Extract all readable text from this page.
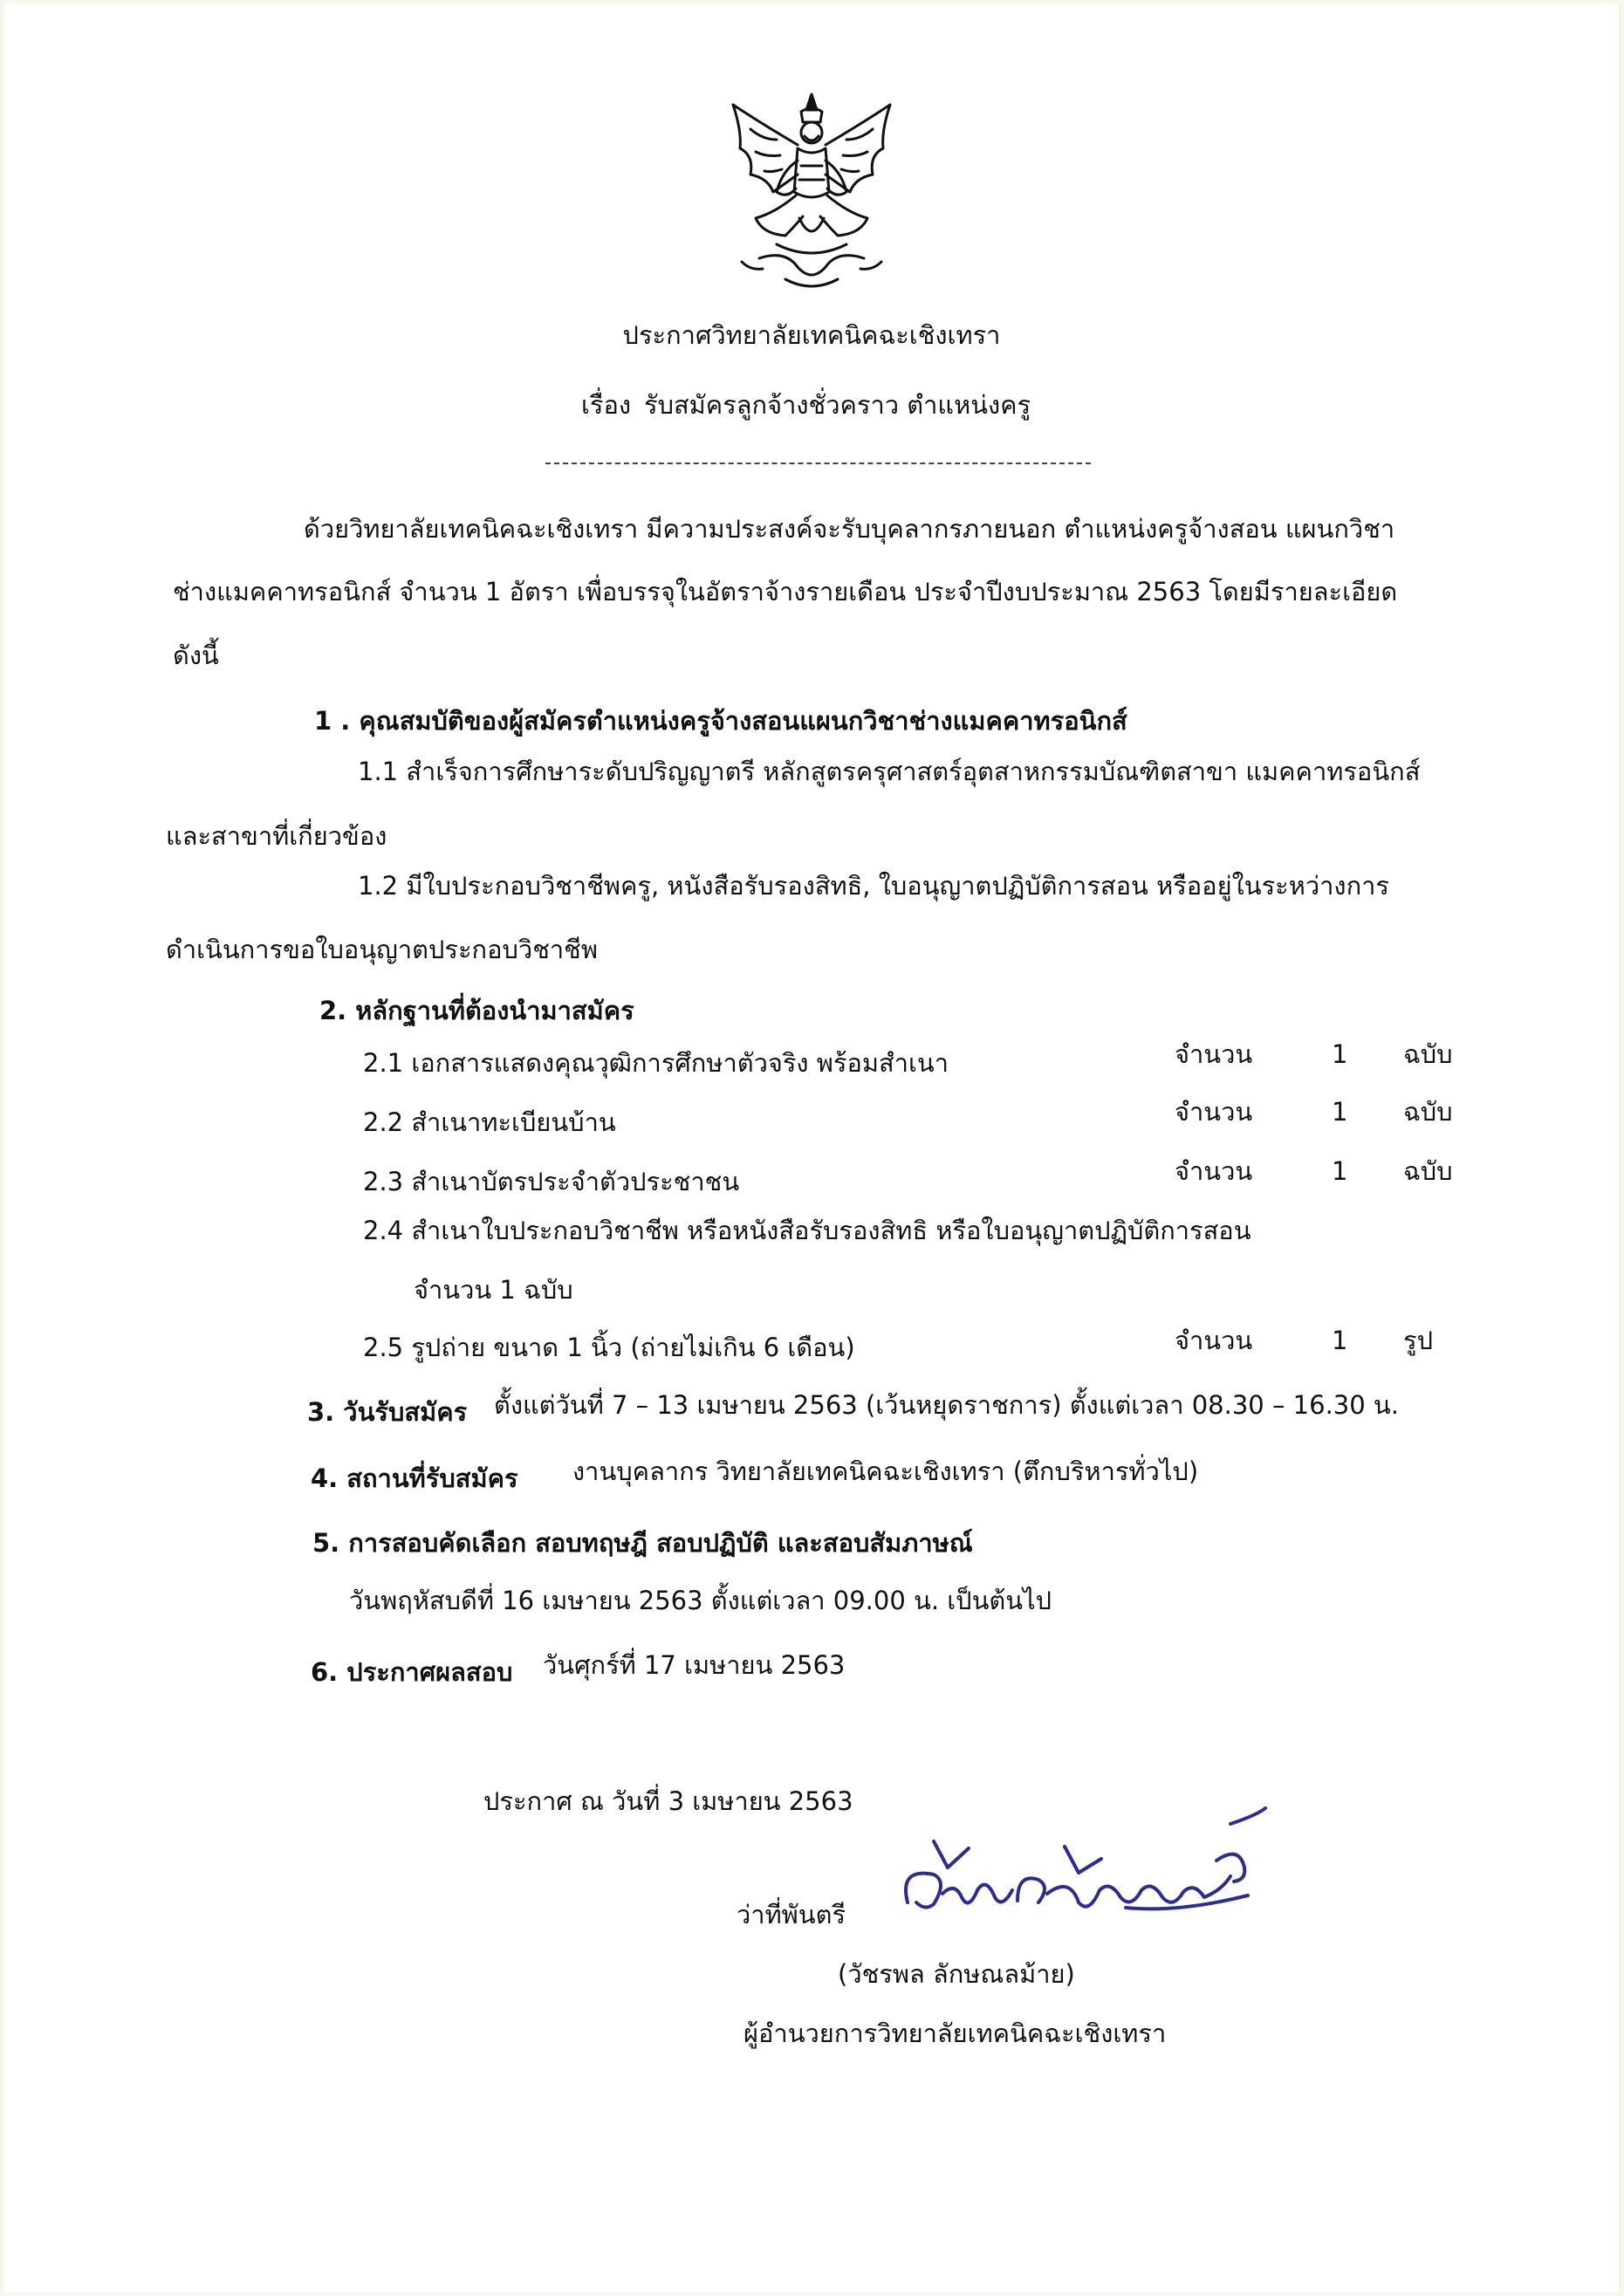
ประกาศวิทยาลัยเทคนิคฉะเชิงเทรา
เรื่อง รับสมัครลูกจ้างชั่วคราว ตำแหน่งครู
ด้วยวิทยาลัยเทคนิคฉะเชิงเทรา มีความประสงค์จะรับบุคลากรภายนอก ตำแหน่งครูจ้างสอน แผนกวิชา
ช่างแมคคาทรอนิกส์ จำนวน 1 อัตรา เพื่อบรรจุในอัตราจ้างรายเดือน ประจำปีงบประมาณ 2563 โดยมีรายละเอียด
ดังนี้
1 . คุณสมบัติของผู้สมัครตำแหน่งครูจ้างสอนแผนกวิชาช่างแมคคาทรอนิกส์
1.1 สำเร็จการศึกษาระดับปริญญาตรี หลักสูตรครุศาสตร์อุตสาหกรรมบัณฑิตสาขา แมคคาทรอนิกส์
และสาขาที่เกี่ยวข้อง
1.2 มีใบประกอบวิชาชีพครู, หนังสือรับรองสิทธิ, ใบอนุญาตปฏิบัติการสอน หรืออยู่ในระหว่างการ
ดำเนินการขอใบอนุญาตประกอบวิชาชีพ
2. หลักฐานที่ต้องนำมาสมัคร
2.1 เอกสารแสดงคุณวุฒิการศึกษาตัวจริง พร้อมสำเนา	จำนวน	1 ฉบับ
2.2 สำเนาทะเบียนบ้าน	จำนวน	1 ฉบับ
2.3 สำเนาบัตรประจำตัวประชาชน	จำนวน	1 ฉบับ
2.4 สำเนาใบประกอบวิชาชีพ หรือหนังสือรับรองสิทธิ หรือใบอนุญาตปฏิบัติการสอน
จำนวน 1 ฉบับ
2.5 รูปถ่าย ขนาด 1 นิ้ว (ถ่ายไม่เกิน 6 เดือน)	จำนวน	1 รูป
3. วันรับสมัคร ตั้งแต่วันที่ 7 – 13 เมษายน 2563 (เว้นหยุดราชการ) ตั้งแต่เวลา 08.30 – 16.30 น.
4. สถานที่รับสมัคร งานบุคลากร วิทยาลัยเทคนิคฉะเชิงเทรา (ตึกบริหารทั่วไป)
5. การสอบคัดเลือก สอบทฤษฎี สอบปฏิบัติ และสอบสัมภาษณ์
วันพฤหัสบดีที่ 16 เมษายน 2563 ตั้งแต่เวลา 09.00 น. เป็นต้นไป
6. ประกาศผลสอบ วันศุกร์ที่ 17 เมษายน 2563
ประกาศ ณ วันที่ 3 เมษายน 2563
ว่าที่พันตรี
(วัชรพล ลักษณลม้าย)
ผู้อำนวยการวิทยาลัยเทคนิคฉะเชิงเทรา
